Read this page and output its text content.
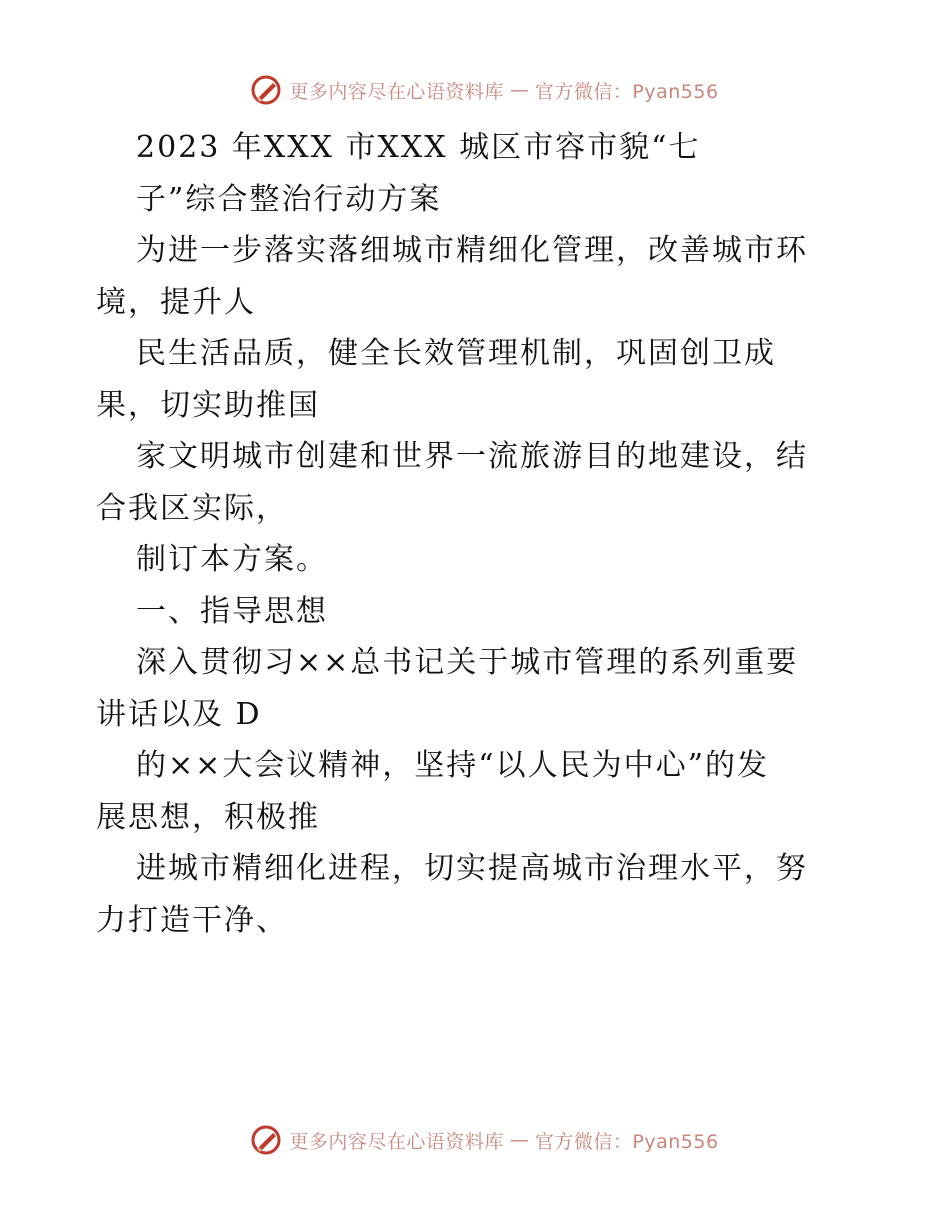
更多内容尽在心语资料库 — 官方微信：Pyan556
2023 年XXX 市XXX 城区市容市貌“七
子”综合整治行动方案
为进一步落实落细城市精细化管理，改善城市环
境，提升人
民生活品质，健全长效管理机制，巩固创卫成
果，切实助推国
家文明城市创建和世界一流旅游目的地建设，结
合我区实际，
制订本方案。
一、指导思想
深入贯彻习××总书记关于城市管理的系列重要
讲话以及 D
的××大会议精神，坚持“以人民为中心”的发
展思想，积极推
进城市精细化进程，切实提高城市治理水平，努
力打造干净、
更多内容尽在心语资料库 — 官方微信：Pyan556
